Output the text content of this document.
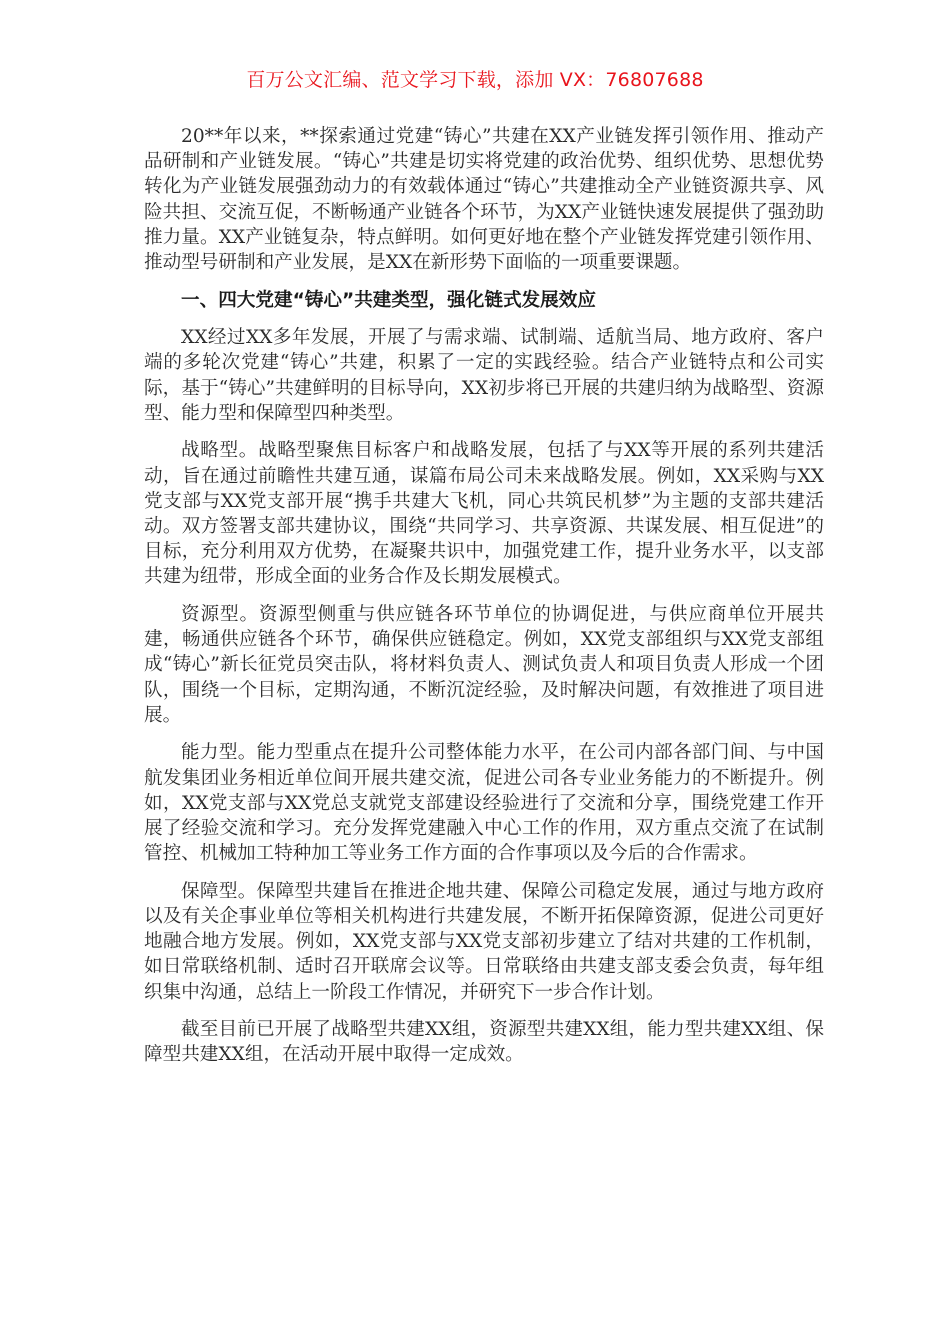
百万公文汇编、范文学习下载，添加 VX：76807688

20**年以来，**探索通过党建“铸心”共建在XX产业链发挥引领作用、推动产品研制和产业链发展。“铸心”共建是切实将党建的政治优势、组织优势、思想优势转化为产业链发展强劲动力的有效载体通过“铸心”共建推动全产业链资源共享、风险共担、交流互促，不断畅通产业链各个环节，为XX产业链快速发展提供了强劲助推力量。XX产业链复杂，特点鲜明。如何更好地在整个产业链发挥党建引领作用、推动型号研制和产业发展，是XX在新形势下面临的一项重要课题。

一、四大党建“铸心”共建类型，强化链式发展效应

XX经过XX多年发展，开展了与需求端、试制端、适航当局、地方政府、客户端的多轮次党建“铸心”共建，积累了一定的实践经验。结合产业链特点和公司实际，基于“铸心”共建鲜明的目标导向，XX初步将已开展的共建归纳为战略型、资源型、能力型和保障型四种类型。

战略型。战略型聚焦目标客户和战略发展，包括了与XX等开展的系列共建活动，旨在通过前瞻性共建互通，谋篇布局公司未来战略发展。例如，XX采购与XX党支部与XX党支部开展“携手共建大飞机，同心共筑民机梦”为主题的支部共建活动。双方签署支部共建协议，围绕“共同学习、共享资源、共谋发展、相互促进”的目标，充分利用双方优势，在凝聚共识中，加强党建工作，提升业务水平，以支部共建为纽带，形成全面的业务合作及长期发展模式。

资源型。资源型侧重与供应链各环节单位的协调促进，与供应商单位开展共建，畅通供应链各个环节，确保供应链稳定。例如，XX党支部组织与XX党支部组成“铸心”新长征党员突击队，将材料负责人、测试负责人和项目负责人形成一个团队，围绕一个目标，定期沟通，不断沉淀经验，及时解决问题，有效推进了项目进展。

能力型。能力型重点在提升公司整体能力水平，在公司内部各部门间、与中国航发集团业务相近单位间开展共建交流，促进公司各专业业务能力的不断提升。例如，XX党支部与XX党总支就党支部建设经验进行了交流和分享，围绕党建工作开展了经验交流和学习。充分发挥党建融入中心工作的作用，双方重点交流了在试制管控、机械加工特种加工等业务工作方面的合作事项以及今后的合作需求。

保障型。保障型共建旨在推进企地共建、保障公司稳定发展，通过与地方政府以及有关企事业单位等相关机构进行共建发展，不断开拓保障资源，促进公司更好地融合地方发展。例如，XX党支部与XX党支部初步建立了结对共建的工作机制，如日常联络机制、适时召开联席会议等。日常联络由共建支部支委会负责，每年组织集中沟通，总结上一阶段工作情况，并研究下一步合作计划。

截至目前已开展了战略型共建XX组，资源型共建XX组，能力型共建XX组、保障型共建XX组，在活动开展中取得一定成效。
